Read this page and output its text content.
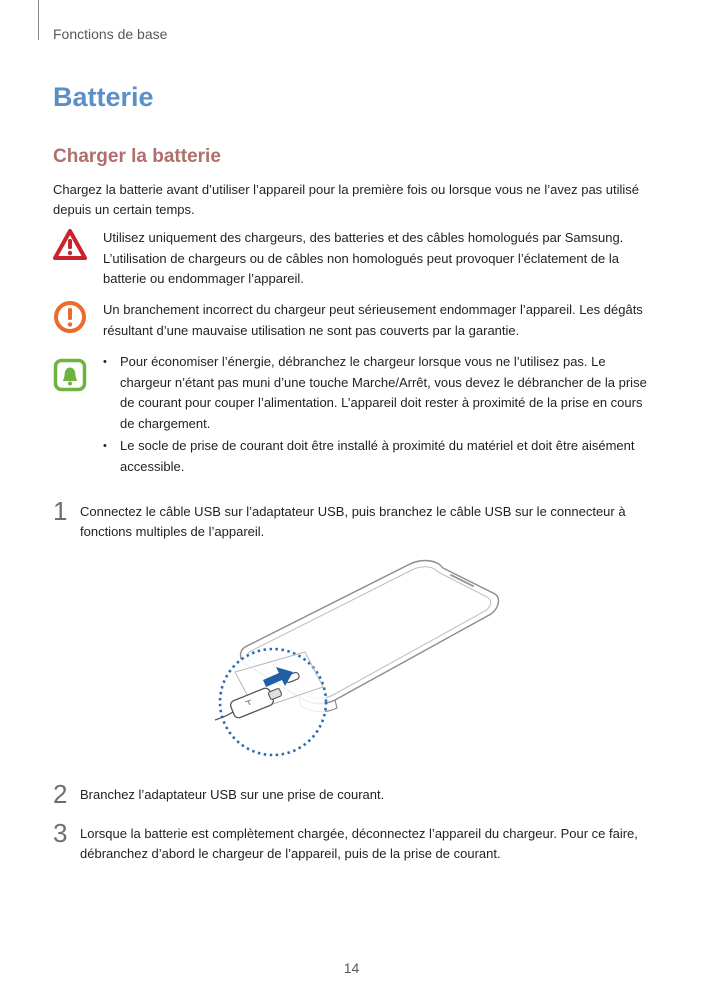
Fonctions de base
Batterie
Charger la batterie
Chargez la batterie avant d’utiliser l’appareil pour la première fois ou lorsque vous ne l’avez pas utilisé depuis un certain temps.
Utilisez uniquement des chargeurs, des batteries et des câbles homologués par Samsung. L’utilisation de chargeurs ou de câbles non homologués peut provoquer l’éclatement de la batterie ou endommager l’appareil.
Un branchement incorrect du chargeur peut sérieusement endommager l’appareil. Les dégâts résultant d’une mauvaise utilisation ne sont pas couverts par la garantie.
• Pour économiser l’énergie, débranchez le chargeur lorsque vous ne l’utilisez pas. Le chargeur n’étant pas muni d’une touche Marche/Arrêt, vous devez le débrancher de la prise de courant pour couper l’alimentation. L’appareil doit rester à proximité de la prise en cours de chargement.
• Le socle de prise de courant doit être installé à proximité du matériel et doit être aisément accessible.
1 Connectez le câble USB sur l’adaptateur USB, puis branchez le câble USB sur le connecteur à fonctions multiples de l’appareil.
2 Branchez l’adaptateur USB sur une prise de courant.
3 Lorsque la batterie est complètement chargée, déconnectez l’appareil du chargeur. Pour ce faire, débranchez d’abord le chargeur de l’appareil, puis de la prise de courant.
14
